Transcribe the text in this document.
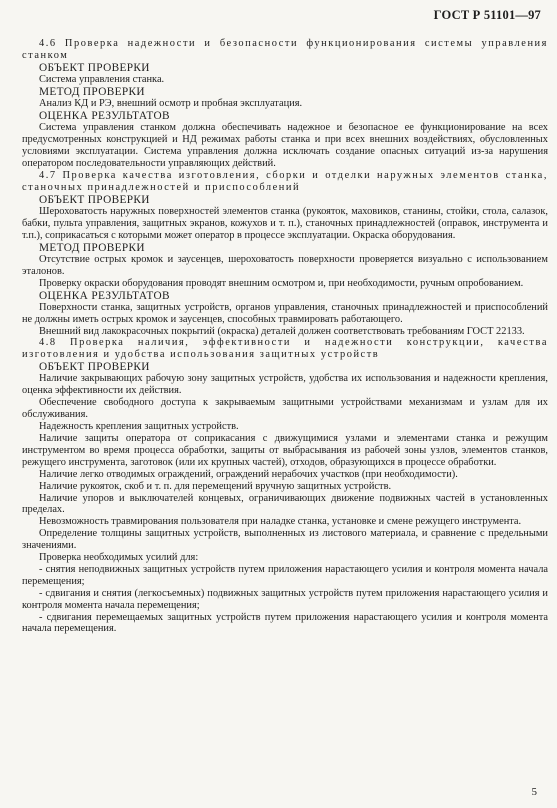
ГОСТ Р 51101—97

4.6 Проверка надежности и безопасности функционирования системы управления станком

ОБЪЕКТ ПРОВЕРКИ

Система управления станка.

МЕТОД ПРОВЕРКИ

Анализ КД и РЭ, внешний осмотр и пробная эксплуатация.

ОЦЕНКА РЕЗУЛЬТАТОВ

Система управления станком должна обеспечивать надежное и безопасное ее функционирование на всех предусмотренных конструкцией и НД режимах работы станка и при всех внешних воздействиях, обусловленных условиями эксплуатации. Система управления должна исключать создание опасных ситуаций из-за нарушения оператором последовательности управляющих действий.

4.7 Проверка качества изготовления, сборки и отделки наружных элементов станка, станочных принадлежностей и приспособлений

ОБЪЕКТ ПРОВЕРКИ

Шероховатость наружных поверхностей элементов станка (рукояток, маховиков, станины, стойки, стола, салазок, бабки, пульта управления, защитных экранов, кожухов и т. п.), станочных принадлежностей (оправок, инструмента и т.п.), соприкасаться с которыми может оператор в процессе эксплуатации. Окраска оборудования.

МЕТОД ПРОВЕРКИ

Отсутствие острых кромок и заусенцев, шероховатость поверхности проверяется визуально с использованием эталонов.

Проверку окраски оборудования проводят внешним осмотром и, при необходимости, ручным опробованием.

ОЦЕНКА РЕЗУЛЬТАТОВ

Поверхности станка, защитных устройств, органов управления, станочных принадлежностей и приспособлений не должны иметь острых кромок и заусенцев, способных травмировать работающего.

Внешний вид лакокрасочных покрытий (окраска) деталей должен соответствовать требованиям ГОСТ 22133.

4.8 Проверка наличия, эффективности и надежности конструкции, качества изготовления и удобства использования защитных устройств

ОБЪЕКТ ПРОВЕРКИ

Наличие закрывающих рабочую зону защитных устройств, удобства их использования и надежности крепления, оценка эффективности их действия.

Обеспечение свободного доступа к закрываемым защитными устройствами механизмам и узлам для их обслуживания.

Надежность крепления защитных устройств.

Наличие защиты оператора от соприкасания с движущимися узлами и элементами станка и режущим инструментом во время процесса обработки, защиты от выбрасывания из рабочей зоны узлов, элементов станков, режущего инструмента, заготовок (или их крупных частей), отходов, образующихся в процессе обработки.

Наличие легко отводимых ограждений, ограждений нерабочих участков (при необходимости).

Наличие рукояток, скоб и т. п. для перемещений вручную защитных устройств.

Наличие упоров и выключателей концевых, ограничивающих движение подвижных частей в установленных пределах.

Невозможность травмирования пользователя при наладке станка, установке и смене режущего инструмента.

Определение толщины защитных устройств, выполненных из листового материала, и сравнение с предельными значениями.

Проверка необходимых усилий для:

- снятия неподвижных защитных устройств путем приложения нарастающего усилия и контроля момента начала перемещения;

- сдвигания и снятия (легкосъемных) подвижных защитных устройств путем приложения нарастающего усилия и контроля момента начала перемещения;

- сдвигания перемещаемых защитных устройств путем приложения нарастающего усилия и контроля момента начала перемещения.

5
